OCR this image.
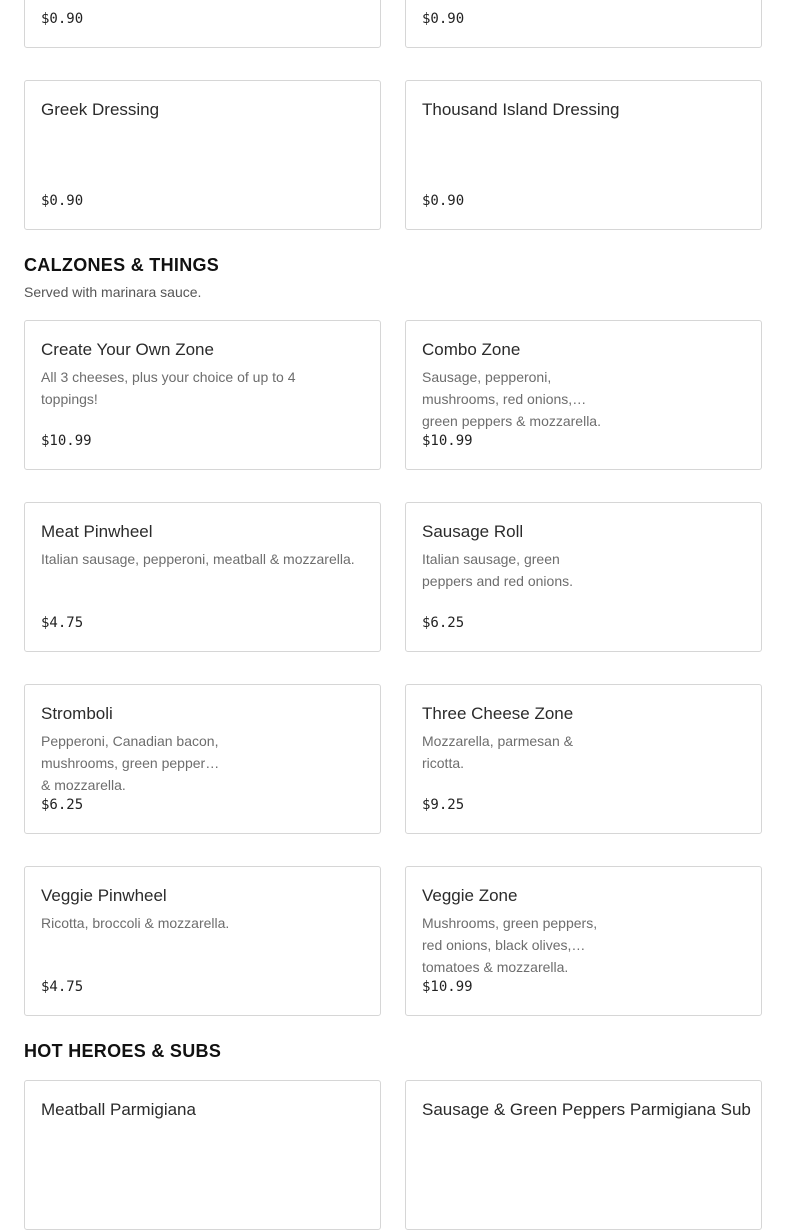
$0.90	$0.90
Greek Dressing
$0.90
Thousand Island Dressing
$0.90
CALZONES & THINGS

Served with marinara sauce.

Create Your Own Zone
All 3 cheeses, plus your choice of up to 4 toppings!
$10.99
Combo Zone
Sausage, pepperoni, mushrooms, red onions, green peppers & mozzarella.
$10.99
Meat Pinwheel
Italian sausage, pepperoni, meatball & mozzarella.
$4.75
Sausage Roll
Italian sausage, green peppers and red onions.
$6.25
Stromboli
Pepperoni, Canadian bacon, mushrooms, green peppers & mozzarella.
$6.25
Three Cheese Zone
Mozzarella, parmesan & ricotta.
$9.25
Veggie Pinwheel
Ricotta, broccoli & mozzarella.
$4.75
Veggie Zone
Mushrooms, green peppers, red onions, black olives, tomatoes & mozzarella.
$10.99
HOT HEROES & SUBS
Meatball Parmigiana	Sausage & Green Peppers Parmigiana Sub
